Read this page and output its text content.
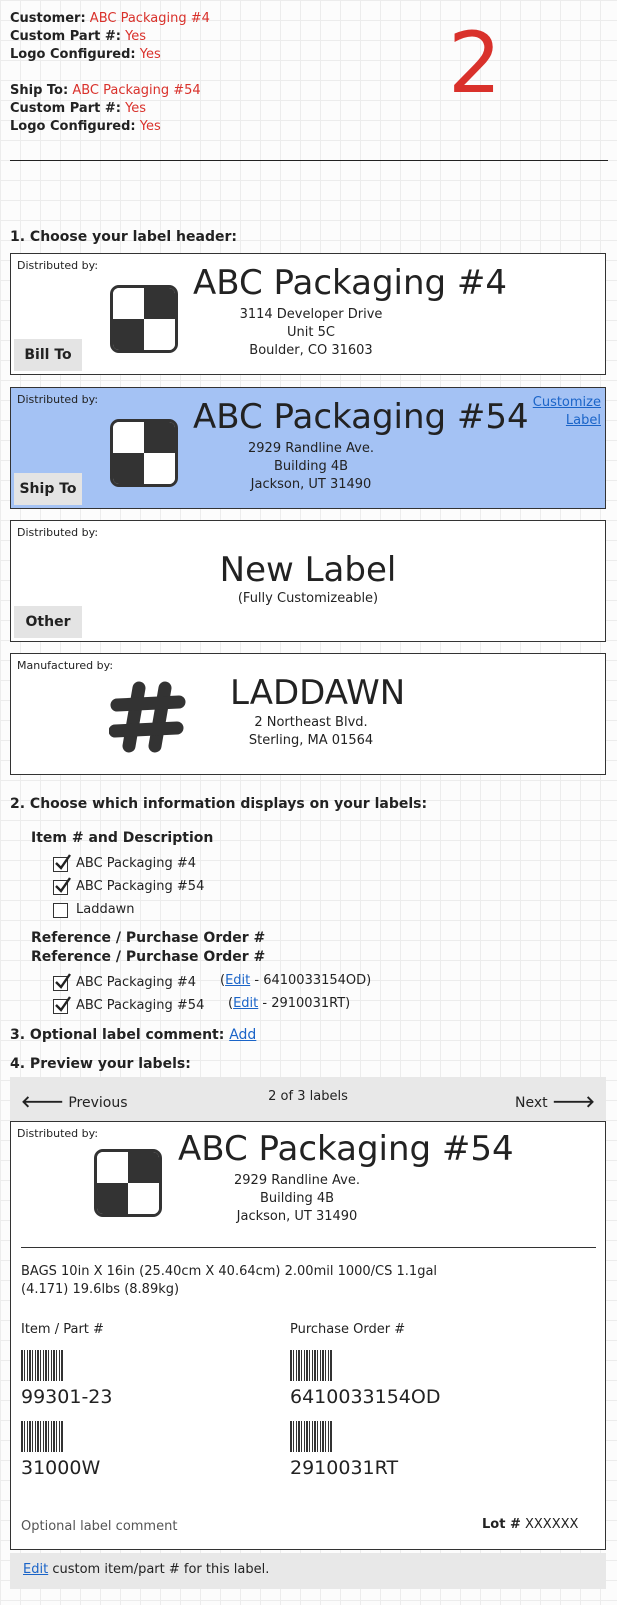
Customer: ABC Packaging #4
Custom Part #: Yes
Logo Configured: Yes
Ship To: ABC Packaging #54
Custom Part #: Yes
Logo Configured: Yes
2
1. Choose your label header:
Distributed by:	ABC Packaging #4
3114 Developer Drive
Unit 5C
Boulder, CO 31603
Bill To
Distributed by:	ABC Packaging #54
2929 Randline Ave.
Building 4B
Jackson, UT 31490
Customize
Label
Ship To
Distributed by:
New Label
(Fully Customizeable)
Other
Manufactured by:
LADDAWN
2 Northeast Blvd.
Sterling, MA 01564
2. Choose which information displays on your labels:
Item # and Description
ABC Packaging #4
ABC Packaging #54
Laddawn
Reference / Purchase Order #
Reference / Purchase Order #
ABC Packaging #4 (Edit - 6410033154OD)
ABC Packaging #54 (Edit - 2910031RT)
3. Optional label comment: Add
4. Preview your labels:
🡐 Previous	2 of 3 labels	Next 🡒
Distributed by: ABC Packaging #54
2929 Randline Ave.
Building 4B
Jackson, UT 31490
BAGS 10in X 16in (25.40cm X 40.64cm) 2.00mil 1000/CS 1.1gal
(4.171) 19.6lbs (8.89kg)
Item / Part #	Purchase Order #
99301-23	6410033154OD
31000W	2910031RT
Optional label comment	Lot # XXXXXX
Edit custom item/part # for this label.
